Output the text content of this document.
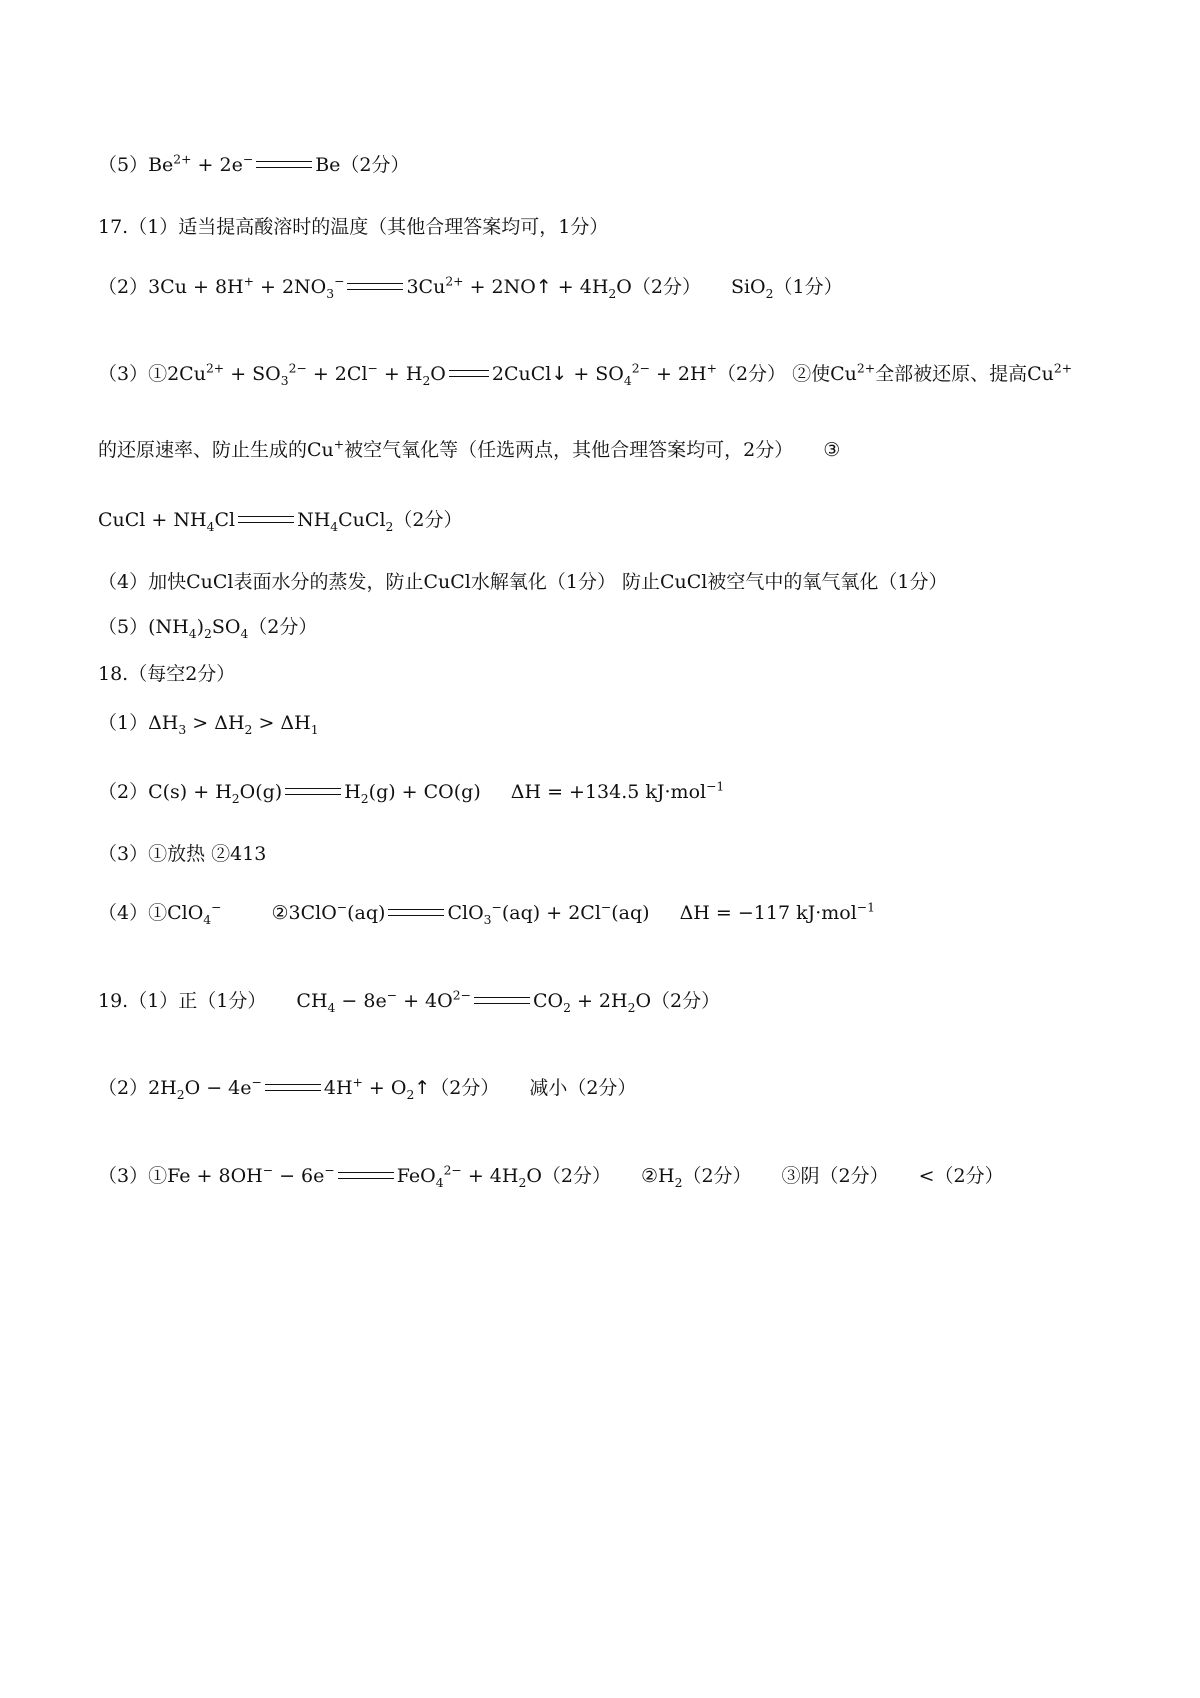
$(5)Be^{2+} + 2e^-$	Be（2分）
17.（1）适当提高酸溶时的温度（其他合理答案均可，1分）
$(2)3Cu + 8H^+ + 2NO_3^-$	$3Cu^{2+}$ + 2NO↑ + $4H_2O(2$分） SiO$_2$（1分）
$(3)①2Cu^{2+} + SO_3^{2-} + 2Cl^- + H_2O$ 2CuCl↓ + $SO_4^{2-} + 2H^+(2$分） ②使$Cu^{2+}$全部被还原、提高$Cu^{2+}$
的还原速率、防止生成的Cu+被空气氧化等（任选两点，其他合理答案均可，2分） ③
CuCl + $NH_4Cl$	$NH_4CuCl_2(2$分）
（4）加快CuCl表面水分的蒸发，防止CuCl水解氧化（1分） 防止CuCl被空气中的氧气氧化（1分）
$(5)(NH_4)_2SO_4(2$分）
18.（每空2分）
$(1)\Delta H_3 > \Delta H_2 > \Delta H_1$
$(2)C(s) + H_2O(g)$	$H_2(g) + CO(g) \Delta H = +134.5$ kJ·mol$^{-1}$
（3）①放热 ②413
（4）①ClO$_4$−	②3ClO−(aq)	ClO$_3$−(aq) + 2Cl−(aq) ΔH = −117 kJ·mol$^{-1}$
19.（1）正（1分） $CH_4 - 8e^- + 4O^{2-}$	$CO_2 + 2H_2O(2$分）
$(2)2H_2O - 4e^-$	$4H^+ + O_2↑(2$分） 减小（2分）
（3）①Fe + 8OH− − 6e−	$FeO_4^{2-} + 4H_2O(2$分） $②H_2(2$分） ③阴（2分） <（2分）
